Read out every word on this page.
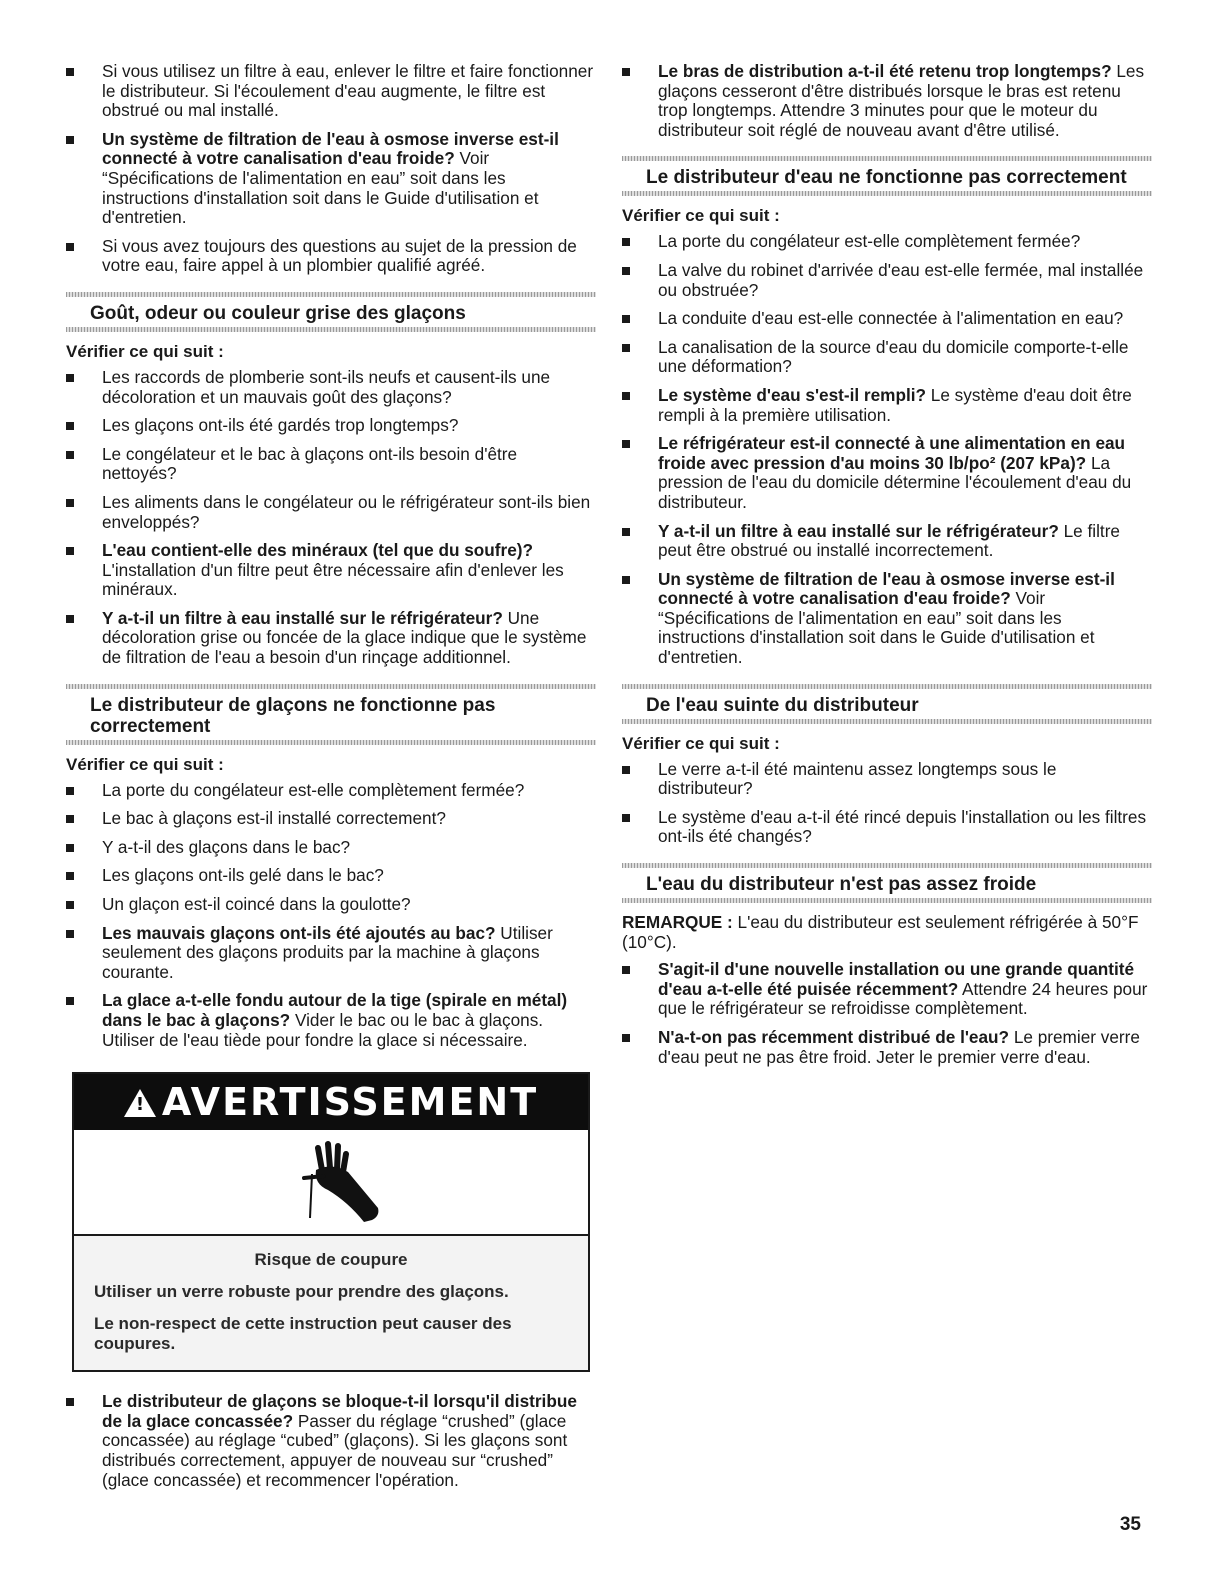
Si vous utilisez un filtre à eau, enlever le filtre et faire fonctionner le distributeur. Si l'écoulement d'eau augmente, le filtre est obstrué ou mal installé.
Un système de filtration de l'eau à osmose inverse est-il connecté à votre canalisation d'eau froide? Voir “Spécifications de l'alimentation en eau” soit dans les instructions d'installation soit dans le Guide d'utilisation et d'entretien.
Si vous avez toujours des questions au sujet de la pression de votre eau, faire appel à un plombier qualifié agréé.
Goût, odeur ou couleur grise des glaçons
Vérifier ce qui suit :
Les raccords de plomberie sont-ils neufs et causent-ils une décoloration et un mauvais goût des glaçons?
Les glaçons ont-ils été gardés trop longtemps?
Le congélateur et le bac à glaçons ont-ils besoin d'être nettoyés?
Les aliments dans le congélateur ou le réfrigérateur sont-ils bien enveloppés?
L'eau contient-elle des minéraux (tel que du soufre)? L'installation d'un filtre peut être nécessaire afin d'enlever les minéraux.
Y a-t-il un filtre à eau installé sur le réfrigérateur? Une décoloration grise ou foncée de la glace indique que le système de filtration de l'eau a besoin d'un rinçage additionnel.
Le distributeur de glaçons ne fonctionne pas correctement
Vérifier ce qui suit :
La porte du congélateur est-elle complètement fermée?
Le bac à glaçons est-il installé correctement?
Y a-t-il des glaçons dans le bac?
Les glaçons ont-ils gelé dans le bac?
Un glaçon est-il coincé dans la goulotte?
Les mauvais glaçons ont-ils été ajoutés au bac? Utiliser seulement des glaçons produits par la machine à glaçons courante.
La glace a-t-elle fondu autour de la tige (spirale en métal) dans le bac à glaçons? Vider le bac ou le bac à glaçons. Utiliser de l'eau tiède pour fondre la glace si nécessaire.
!AVERTISSEMENT

Risque de coupure

Utiliser un verre robuste pour prendre des glaçons.

Le non-respect de cette instruction peut causer des coupures.

Le distributeur de glaçons se bloque-t-il lorsqu'il distribue de la glace concassée? Passer du réglage “crushed” (glace concassée) au réglage “cubed” (glaçons). Si les glaçons sont distribués correctement, appuyer de nouveau sur “crushed” (glace concassée) et recommencer l'opération.
Le bras de distribution a-t-il été retenu trop longtemps? Les glaçons cesseront d'être distribués lorsque le bras est retenu trop longtemps. Attendre 3 minutes pour que le moteur du distributeur soit réglé de nouveau avant d'être utilisé.
Le distributeur d'eau ne fonctionne pas correctement
Vérifier ce qui suit :
La porte du congélateur est-elle complètement fermée?
La valve du robinet d'arrivée d'eau est-elle fermée, mal installée ou obstruée?
La conduite d'eau est-elle connectée à l'alimentation en eau?
La canalisation de la source d'eau du domicile comporte-t-elle une déformation?
Le système d'eau s'est-il rempli? Le système d'eau doit être rempli à la première utilisation.
Le réfrigérateur est-il connecté à une alimentation en eau froide avec pression d'au moins 30 lb/po² (207 kPa)? La pression de l'eau du domicile détermine l'écoulement d'eau du distributeur.
Y a-t-il un filtre à eau installé sur le réfrigérateur? Le filtre peut être obstrué ou installé incorrectement.
Un système de filtration de l'eau à osmose inverse est-il connecté à votre canalisation d'eau froide? Voir “Spécifications de l'alimentation en eau” soit dans les instructions d'installation soit dans le Guide d'utilisation et d'entretien.
De l'eau suinte du distributeur
Vérifier ce qui suit :
Le verre a-t-il été maintenu assez longtemps sous le distributeur?
Le système d'eau a-t-il été rincé depuis l'installation ou les filtres ont-ils été changés?
L'eau du distributeur n'est pas assez froide
REMARQUE : L'eau du distributeur est seulement réfrigérée à 50°F (10°C).
S'agit-il d'une nouvelle installation ou une grande quantité d'eau a-t-elle été puisée récemment? Attendre 24 heures pour que le réfrigérateur se refroidisse complètement.
N'a-t-on pas récemment distribué de l'eau? Le premier verre d'eau peut ne pas être froid. Jeter le premier verre d'eau.
35
